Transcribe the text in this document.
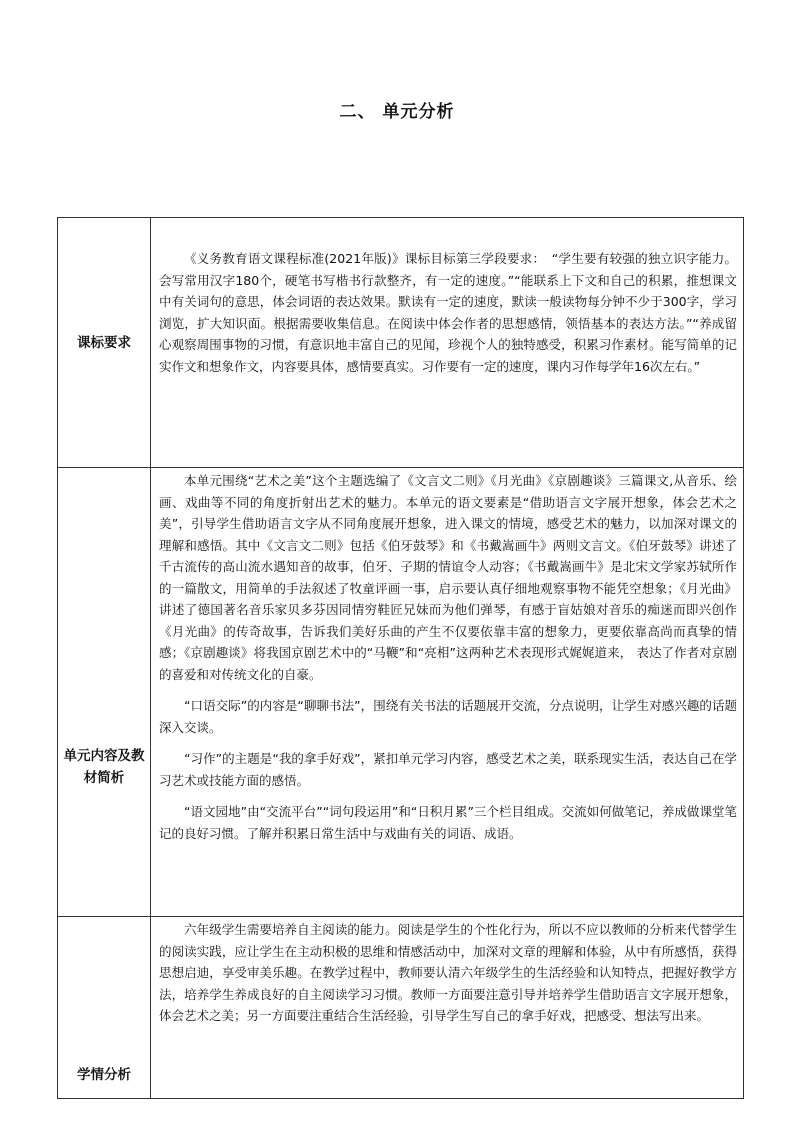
二、 单元分析
课标要求	《义务教育语文课程标准(2021年版)》课标目标第三学段要求：　“学生要有较强的独立识字能力。会写常用汉字180个，硬笔书写楷书行款整齐，有一定的速度。”“能联系上下文和自己的积累，推想课文中有关词句的意思，体会词语的表达效果。默读有一定的速度，默读一般读物每分钟不少于300字，学习浏览，扩大知识面。根据需要收集信息。在阅读中体会作者的思想感情，领悟基本的表达方法。”“养成留心观察周围事物的习惯，有意识地丰富自己的见闻，珍视个人的独特感受，积累习作素材。能写简单的记实作文和想象作文，内容要具体，感情要真实。习作要有一定的速度，课内习作每学年16次左右。”

单元内容及教材简析	本单元围绕“艺术之美”这个主题选编了《文言文二则》《月光曲》《京剧趣谈》三篇课文,从音乐、绘画、戏曲等不同的角度折射出艺术的魅力。本单元的语文要素是“借助语言文字展开想象，体会艺术之美”，引导学生借助语言文字从不同角度展开想象，进入课文的情境，感受艺术的魅力，以加深对课文的理解和感悟。其中《文言文二则》包括《伯牙鼓琴》和《书戴嵩画牛》两则文言文。《伯牙鼓琴》讲述了千古流传的高山流水遇知音的故事，伯牙、子期的情谊令人动容；《书戴嵩画牛》是北宋文学家苏轼所作的一篇散文，用简单的手法叙述了牧童评画一事，启示要认真仔细地观察事物不能凭空想象；《月光曲》讲述了德国著名音乐家贝多芬因同情穷鞋匠兄妹而为他们弹琴，有感于盲姑娘对音乐的痴迷而即兴创作《月光曲》的传奇故事，告诉我们美好乐曲的产生不仅要依靠丰富的想象力，更要依靠高尚而真挚的情感；《京剧趣谈》将我国京剧艺术中的“马鞭”和“亮相”这两种艺术表现形式娓娓道来， 表达了作者对京剧的喜爱和对传统文化的自豪。

“口语交际”的内容是“聊聊书法”，围绕有关书法的话题展开交流，分点说明，让学生对感兴趣的话题深入交谈。

“习作”的主题是“我的拿手好戏”，紧扣单元学习内容，感受艺术之美，联系现实生活，表达自己在学习艺术或技能方面的感悟。

“语文园地”由“交流平台”“词句段运用”和“日积月累”三个栏目组成。交流如何做笔记，养成做课堂笔记的良好习惯。了解并积累日常生活中与戏曲有关的词语、成语。

学情分析	六年级学生需要培养自主阅读的能力。阅读是学生的个性化行为，所以不应以教师的分析来代替学生的阅读实践，应让学生在主动积极的思维和情感活动中，加深对文章的理解和体验，从中有所感悟，获得思想启迪，享受审美乐趣。在教学过程中，教师要认清六年级学生的生活经验和认知特点，把握好教学方法，培养学生养成良好的自主阅读学习习惯。教师一方面要注意引导并培养学生借助语言文字展开想象，体会艺术之美；另一方面要注重结合生活经验，引导学生写自己的拿手好戏，把感受、想法写出来。
